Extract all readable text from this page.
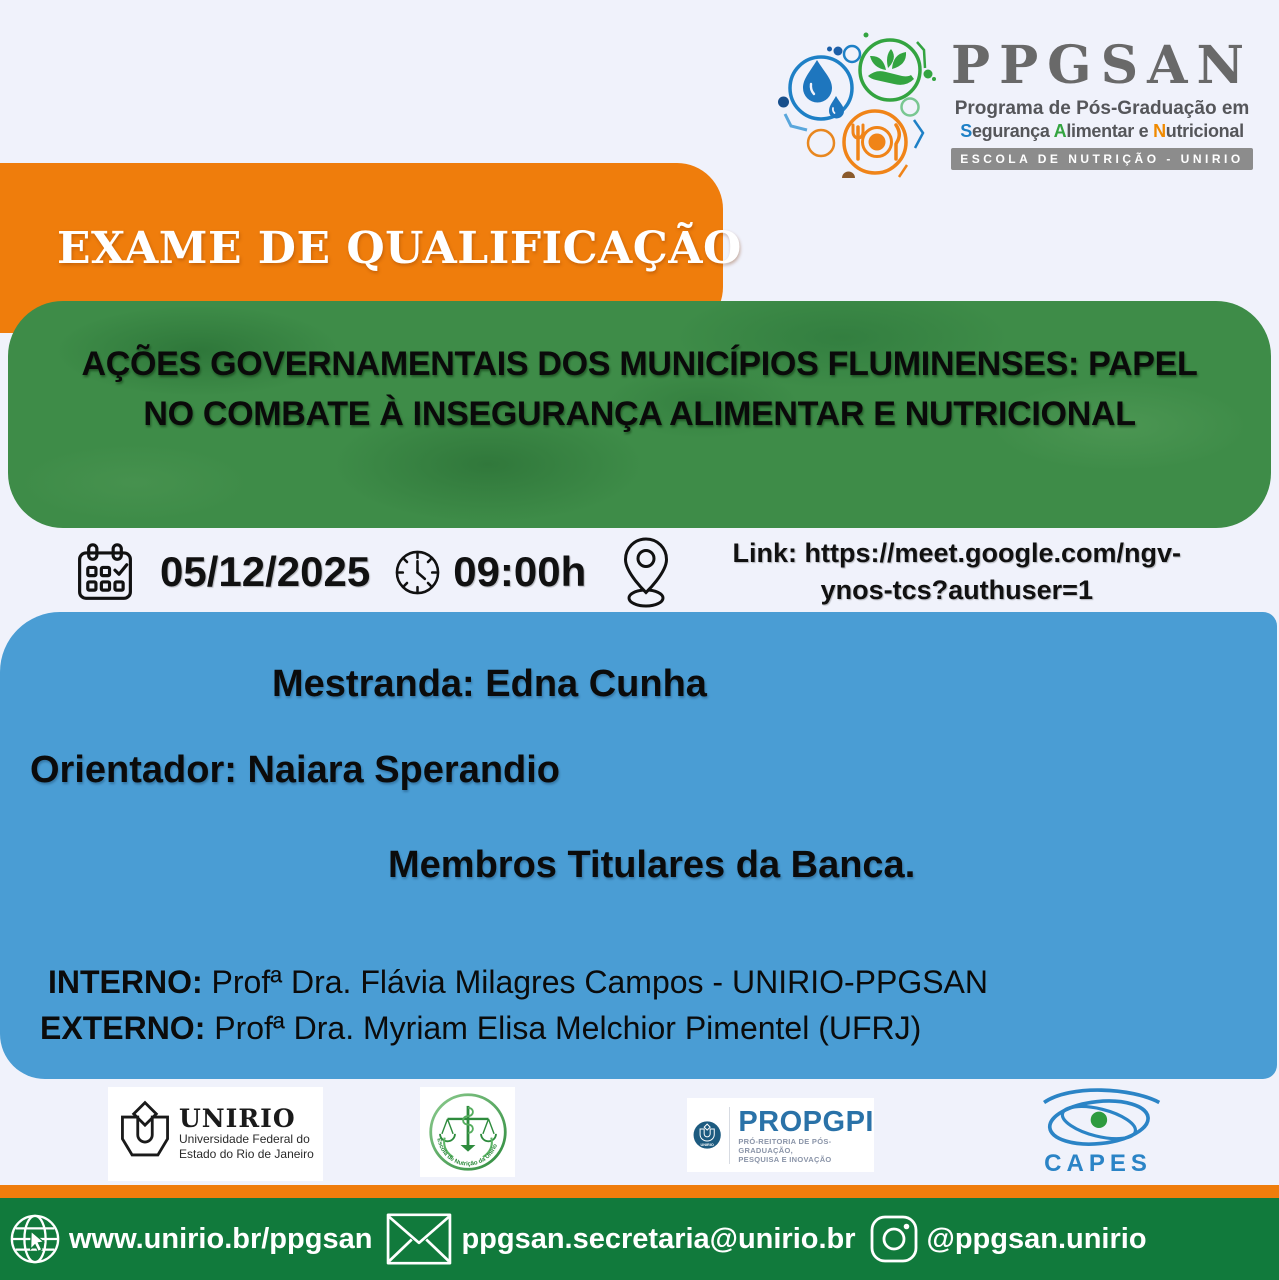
PPGSAN
Programa de Pós-Graduação em
Segurança Alimentar e Nutricional
ESCOLA DE NUTRIÇÃO - UNIRIO
EXAME DE QUALIFICAÇÃO
AÇÕES GOVERNAMENTAIS DOS MUNICÍPIOS FLUMINENSES: PAPEL
NO COMBATE À INSEGURANÇA ALIMENTAR E NUTRICIONAL
05/12/2025 09:00h	Link: https://meet.google.com/ngv-
ynos-tcs?authuser=1
Mestranda: Edna Cunha
Orientador: Naiara Sperandio
Membros Titulares da Banca.
INTERNO: Profª Dra. Flávia Milagres Campos - UNIRIO-PPGSAN
EXTERNO: Profª Dra. Myriam Elisa Melchior Pimentel (UFRJ)
UNIRIO
Universidade Federal do
Estado do Rio de Janeiro
Escola de Nutrição da Unirio	UNIRIO
PROPGPI
PRÓ-REITORIA DE PÓS-GRADUAÇÃO,
PESQUISA E INOVAÇÃO	CAPES
www.unirio.br/ppgsan	ppgsan.secretaria@unirio.br @ppgsan.unirio
